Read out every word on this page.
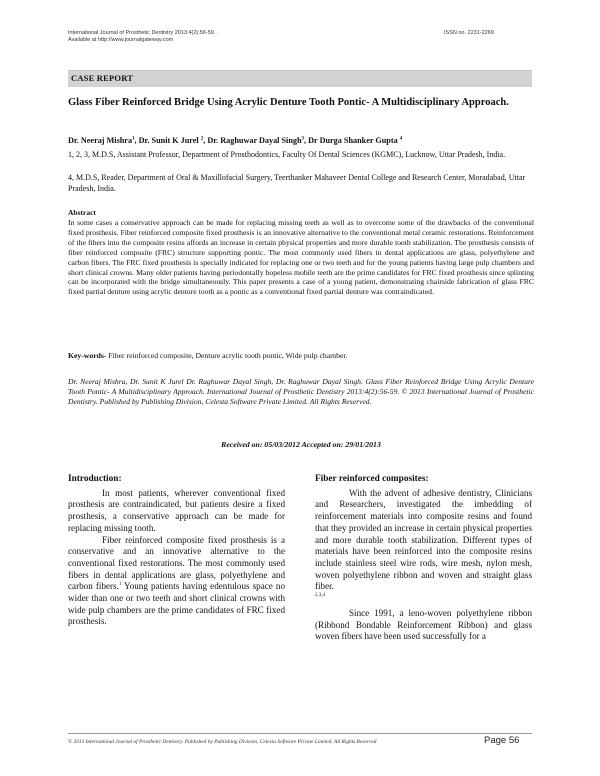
International Journal of Prosthetic Dentistry 2013:4(2):56-59..
Available at http://www.journalgateway.com
ISSN no. 2231-2269
CASE REPORT
Glass Fiber Reinforced Bridge Using Acrylic Denture Tooth Pontic- A Multidisciplinary Approach.
Dr. Neeraj Mishra$^1$, Dr. Sunit K Jurel $^2$, Dr. Raghuwar Dayal Singh$^3$, Dr Durga Shanker Gupta $^4$
1, 2, 3, M.D.S, Assistant Professor, Department of Prosthodontics, Faculty Of Dental Sciences (KGMC), Lucknow, Uttar Pradesh, India.
4, M.D.S, Reader, Department of Oral & Maxillofacial Surgery, Teerthanker Mahaveer Dental College and Research Center, Moradabad, Uttar Pradesh, India.
Abstract
In some cases a conservative approach can be made for replacing missing teeth as well as to overcome some of the drawbacks of the conventional fixed prosthesis. Fiber reinforced composite fixed prosthesis is an innovative alternative to the conventional metal ceramic restorations. Reinforcement of the fibers into the composite resins affords an increase in certain physical properties and more durable tooth stabilization. The prosthesis consists of fiber reinforced composite (FRC) structure supporting pontic. The most commonly used fibers in dental applications are glass, polyethylene and carbon fibers. The FRC fixed prosthesis is specially indicated for replacing one or two teeth and for the young patients having large pulp chambers and short clinical crowns. Many older patients having periodontally hopeless mobile teeth are the prime candidates for FRC fixed prosthesis since splinting can be incorporated with the bridge simultaneously. This paper presents a case of a young patient, demonstrating chairside fabrication of glass FRC fixed partial denture using acrylic denture tooth as a pontic as a conventional fixed partial denture was contraindicated.
Key-words- Fiber reinforced composite, Denture acrylic tooth pontic, Wide pulp chamber.
Dr. Neeraj Mishra, Dr. Sunit K Jurel Dr. Raghuwar Dayal Singh, Dr. Raghuwar Dayal Singh. Glass Fiber Reinforced Bridge Using Acrylic Denture Tooth Pontic- A Multidisciplinary Approach. International Journal of Prosthetic Dentistry 2013:4(2):56-59. © 2013 International Journal of Prosthetic Dentistry. Published by Publishing Division, Celesta Software Private Limited. All Rights Reserved.
Received on: 05/03/2012 Accepted on: 29/01/2013
Introduction:

In most patients, wherever conventional fixed prosthesis are contraindicated, but patients desire a fixed prosthesis, a conservative approach can be made for replacing missing tooth.

Fiber reinforced composite fixed prosthesis is a conservative and an innovative alternative to the conventional fixed restorations. The most commonly used fibers in dental applications are glass, polyethylene and carbon fibers.$^1$ Young patients having edentulous space no wider than one or two teeth and short clinical crowns with wide pulp chambers are the prime candidates of FRC fixed prosthesis.

Fiber reinforced composites:

With the advent of adhesive dentistry, Clinicians and Researchers, investigated the imbedding of reinforcement materials into composite resins and found that they provided an increase in certain physical properties and more durable tooth stabilization. Different types of materials have been reinforced into the composite resins include stainless steel wire rods, wire mesh, nylon mesh, woven polyethylene ribbon and woven and straight glass fiber.
2,3,4

Since 1991, a leno-woven polyethylene ribbon (Ribbond Bondable Reinforcement Ribbon) and glass woven fibers have been used successfully for a

© 2013 International Journal of Prosthetic Dentistry. Published by Publishing Division, Celesta Software Private Limited. All Rights Reserved	Page 56
